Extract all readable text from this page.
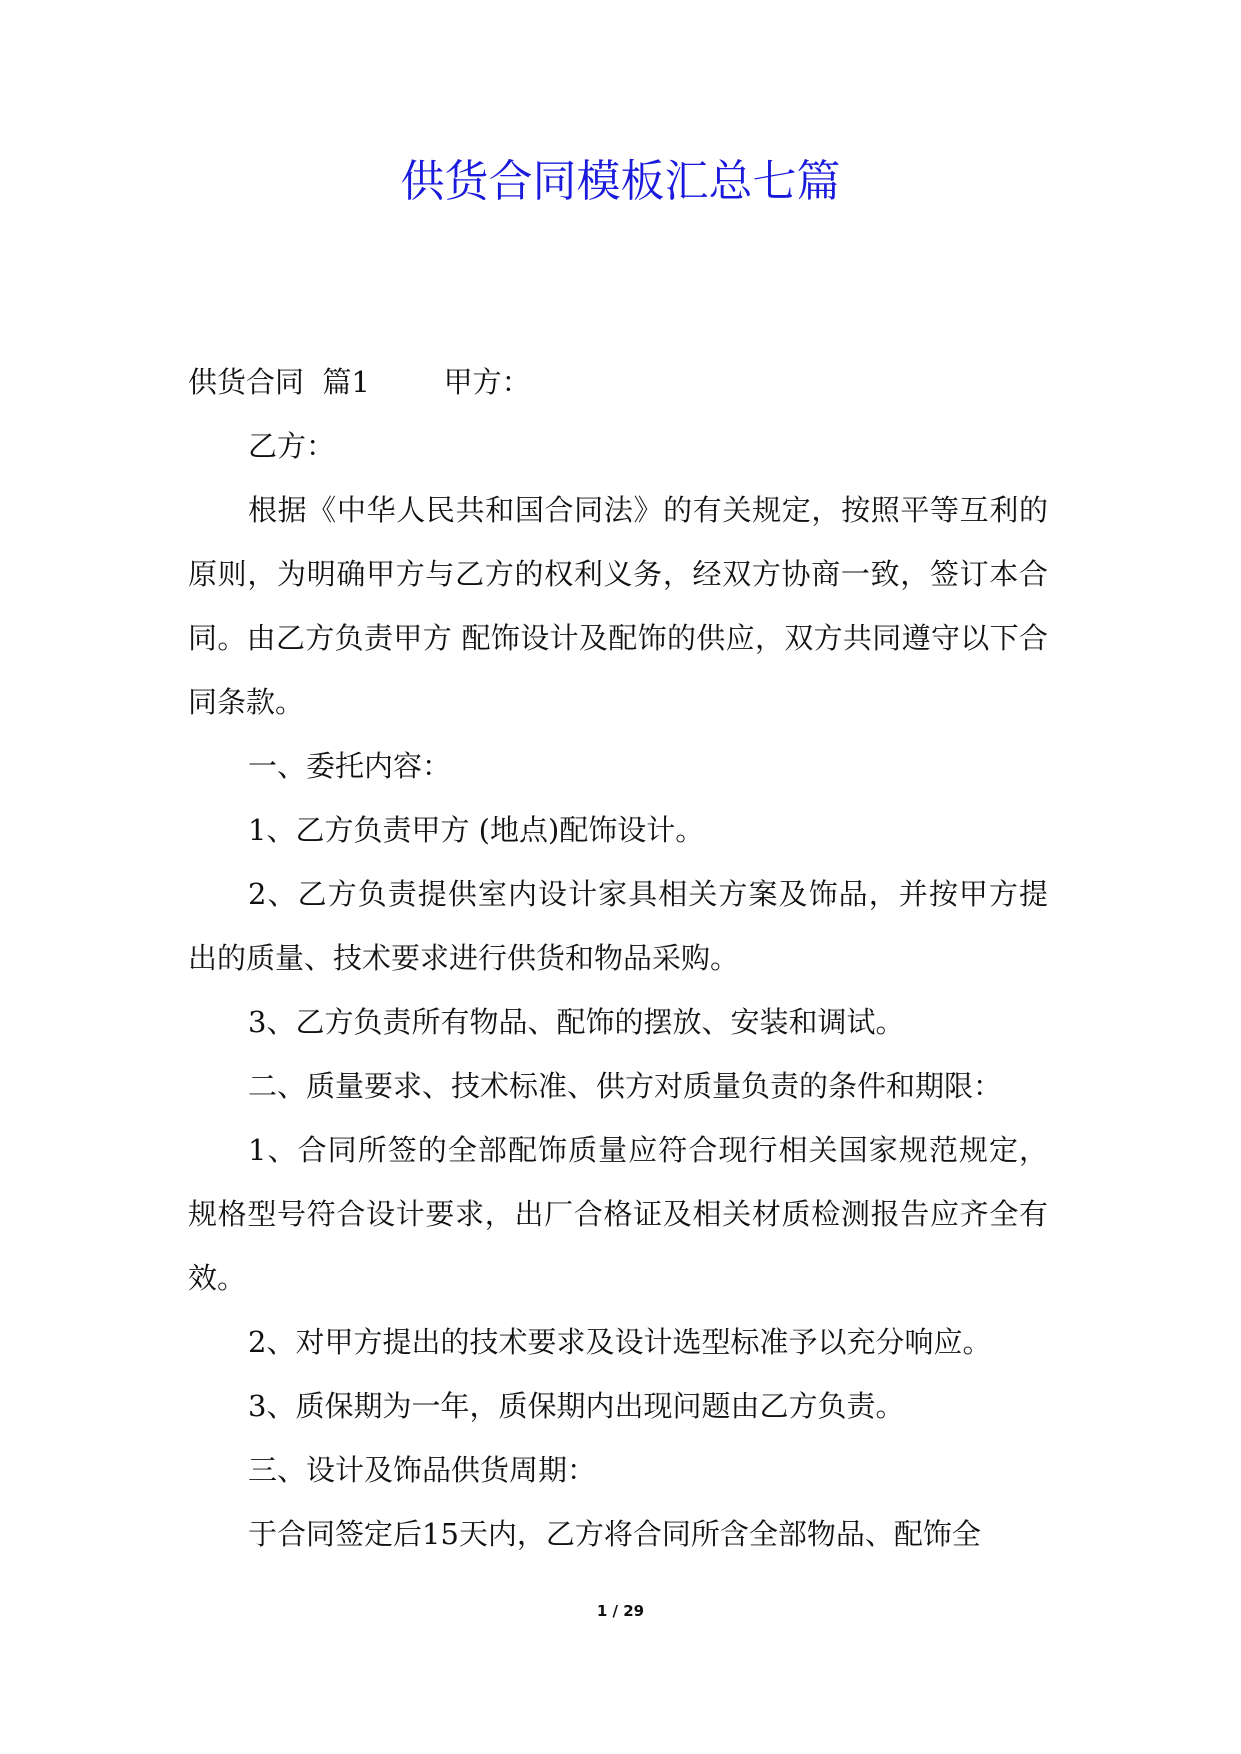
供货合同模板汇总七篇

供货合同  篇1        甲方：

乙方：

根据《中华人民共和国合同法》的有关规定，按照平等互利的原则，为明确甲方与乙方的权利义务，经双方协商一致，签订本合同。由乙方负责甲方 配饰设计及配饰的供应，双方共同遵守以下合同条款。

一、委托内容：

1、乙方负责甲方 (地点)配饰设计。

2、乙方负责提供室内设计家具相关方案及饰品，并按甲方提出的质量、技术要求进行供货和物品采购。

3、乙方负责所有物品、配饰的摆放、安装和调试。

二、质量要求、技术标准、供方对质量负责的条件和期限：

1、合同所签的全部配饰质量应符合现行相关国家规范规定，规格型号符合设计要求，出厂合格证及相关材质检测报告应齐全有效。

2、对甲方提出的技术要求及设计选型标准予以充分响应。

3、质保期为一年，质保期内出现问题由乙方负责。

三、设计及饰品供货周期：

于合同签定后15天内，乙方将合同所含全部物品、配饰全

1 / 29
